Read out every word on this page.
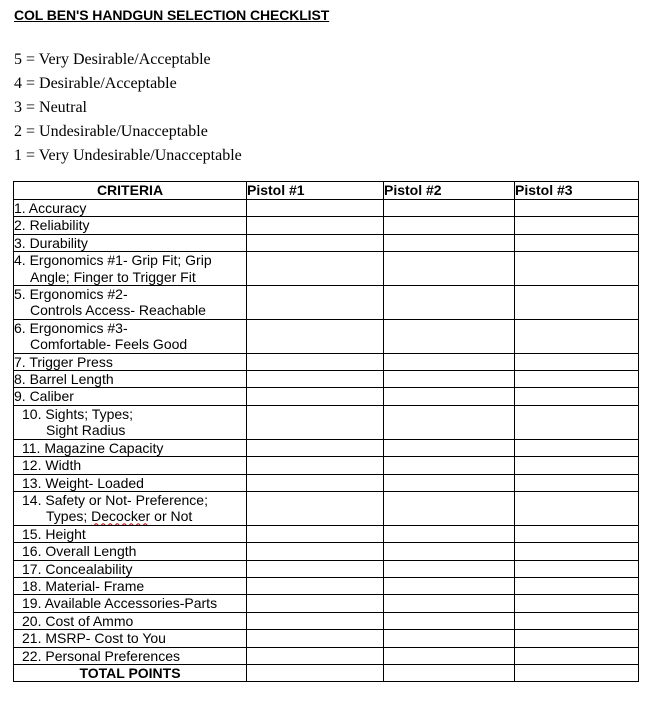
COL BEN'S HANDGUN SELECTION CHECKLIST
5 = Very Desirable/Acceptable
4 = Desirable/Acceptable
3 = Neutral
2 = Undesirable/Unacceptable
1 = Very Undesirable/Unacceptable
CRITERIA	Pistol #1	Pistol #2	Pistol #3
1. Accuracy			
2. Reliability			
3. Durability			

4. Ergonomics #1- Grip Fit; Grip
Angle; Finger to Trigger Fit			

5. Ergonomics #2-
Controls Access- Reachable			

6. Ergonomics #3-
Comfortable- Feels Good			

7. Trigger Press			
8. Barrel Length			
9. Caliber			

10. Sights; Types;
Sight Radius			

11. Magazine Capacity			
12. Width			
13. Weight- Loaded			

14. Safety or Not- Preference;
Types; Decocker or Not			

15. Height			
16. Overall Length			
17. Concealability			
18. Material- Frame			
19. Available Accessories-Parts			
20. Cost of Ammo			
21. MSRP- Cost to You			
22. Personal Preferences			
TOTAL POINTS			
